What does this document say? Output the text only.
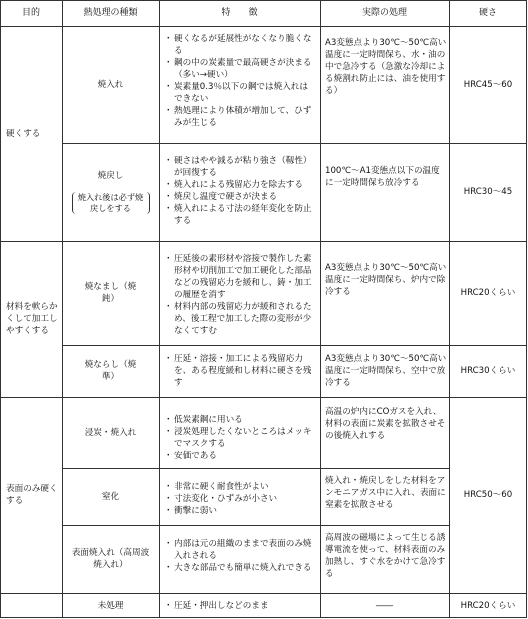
目的	熱処理の種類	特　　徴	実際の処理	硬さ
硬くする
材料を軟らかくして加工しやすくする
表面のみ硬くする
焼入れ
・ 硬くなるが延展性がなくなり脆くなる
・ 鋼の中の炭素量で最高硬さが決まる（多い→硬い）
・ 炭素量0.3％以下の鋼では焼入れはできない
・ 熱処理により体積が増加して、ひずみが生じる
A3変態点より30℃～50℃高い温度に一定時間保ち、水・油の中で急冷する（急激な冷却による焼割れ防止には、油を使用する）
HRC45～60
焼戻し
焼入れ後は必ず焼戻しをする
・ 硬さはやや減るが粘り強さ（靱性）が回復する
・ 焼入れによる残留応力を除去する
・ 焼戻し温度で硬さが決まる
・ 焼入れによる寸法の経年変化を防止する
100℃～A1変態点以下の温度に一定時間保ち放冷する
HRC30～45
焼なまし（焼鈍）
・ 圧延後の素形材や溶接で製作した素形材や切削加工で加工硬化した部品などの残留応力を緩和し、鋳・加工の履歴を消す
・ 材料内部の残留応力が緩和されるため、後工程で加工した際の変形が少なくてすむ
A3変態点より30℃～50℃高い温度に一定時間保ち、炉内で除冷する	HRC20くらい
焼ならし（焼準）
・ 圧延・溶接・加工による残留応力を、ある程度緩和し材料に硬さを残す
A3変態点より30℃～50℃高い温度に一定時間保ち、空中で放冷する
HRC30くらい
浸炭・焼入れ
・ 低炭素鋼に用いる
・ 浸炭処理したくないところはメッキでマスクする
・ 安価である
高温の炉内にCOガスを入れ、材料の表面に炭素を拡散させその後焼入れする
窒化
・ 非常に硬く耐食性がよい
・ 寸法変化・ひずみが小さい
・ 衝撃に弱い
焼入れ・焼戻しをした材料をアンモニアガス中に入れ、表面に窒素を拡散させる
HRC50～60
表面焼入れ（高周波焼入れ）
・ 内部は元の組織のままで表面のみ焼入れされる
・ 大きな部品でも簡単に焼入れできる
高周波の磁場によって生じる誘導電流を使って、材料表面のみ加熱し、すぐ水をかけて急冷する
未処理
・	圧延・押出しなどのまま	――	HRC20くらい
